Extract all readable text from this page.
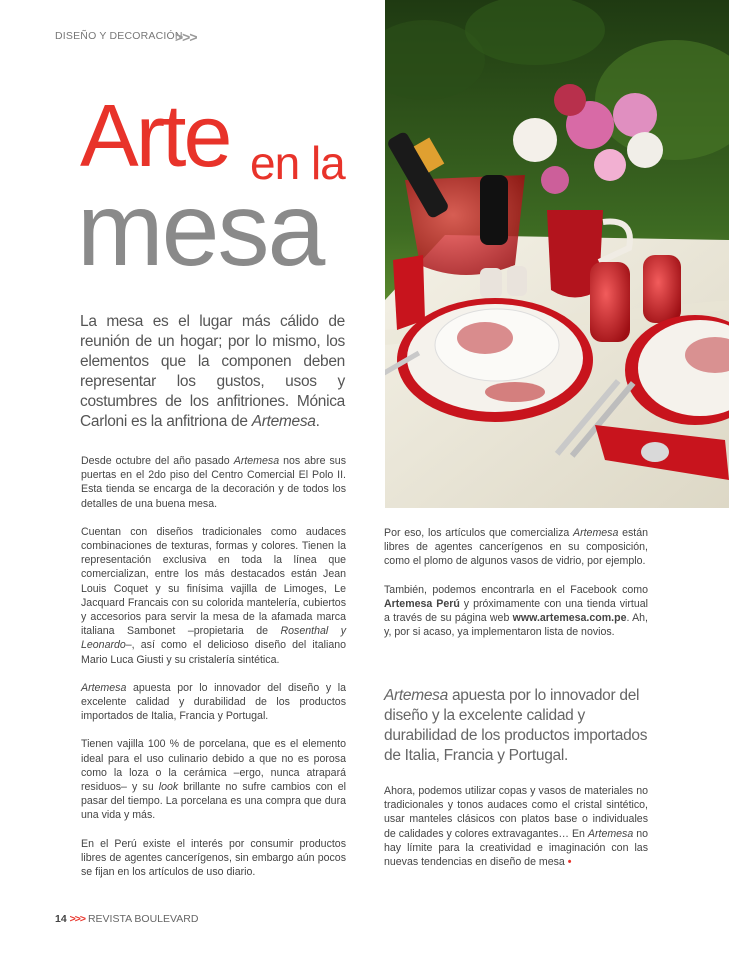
DISEÑO Y DECORACIÓN
>>>
Arte en la
mesa
La mesa es el lugar más cálido de reunión de un hogar; por lo mismo, los elementos que la componen deben representar los gustos, usos y costumbres de los anfitriones. Mónica Carloni es la anfitriona de Artemesa.

Desde octubre del año pasado Artemesa nos abre sus puertas en el 2do piso del Centro Comercial El Polo II. Esta tienda se encarga de la decoración y de todos los detalles de una buena mesa.

Cuentan con diseños tradicionales como audaces combinaciones de texturas, formas y colores. Tienen la representación exclusiva en toda la línea que comercializan, entre los más destacados están Jean Louis Coquet y su finísima vajilla de Limoges, Le Jacquard Francais con su colorida mantelería, cubiertos y accesorios para servir la mesa de la afamada marca italiana Sambonet –propietaria de Rosenthal y Leonardo–, así como el delicioso diseño del italiano Mario Luca Giusti y su cristalería sintética.

Artemesa apuesta por lo innovador del diseño y la excelente calidad y durabilidad de los productos importados de Italia, Francia y Portugal.

Tienen vajilla 100 % de porcelana, que es el elemento ideal para el uso culinario debido a que no es porosa como la loza o la cerámica –ergo, nunca atrapará residuos– y su look brillante no sufre cambios con el pasar del tiempo. La porcelana es una compra que dura una vida y más.

En el Perú existe el interés por consumir productos libres de agentes cancerígenos, sin embargo aún pocos se fijan en los artículos de uso diario.

Por eso, los artículos que comercializa Artemesa están libres de agentes cancerígenos en su composición, como el plomo de algunos vasos de vidrio, por ejemplo.

También, podemos encontrarla en el Facebook como Artemesa Perú y próximamente con una tienda virtual a través de su página web www.artemesa.com.pe. Ah, y, por si acaso, ya implementaron lista de novios.

Artemesa apuesta por lo innovador del diseño y la excelente calidad y durabilidad de los productos importados de Italia, Francia y Portugal.

Ahora, podemos utilizar copas y vasos de materiales no tradicionales y tonos audaces como el cristal sintético, usar manteles clásicos con platos base o individuales de calidades y colores extravagantes… En Artemesa no hay límite para la creatividad e imaginación con las nuevas tendencias en diseño de mesa •

14 >>> REVISTA BOULEVARD
